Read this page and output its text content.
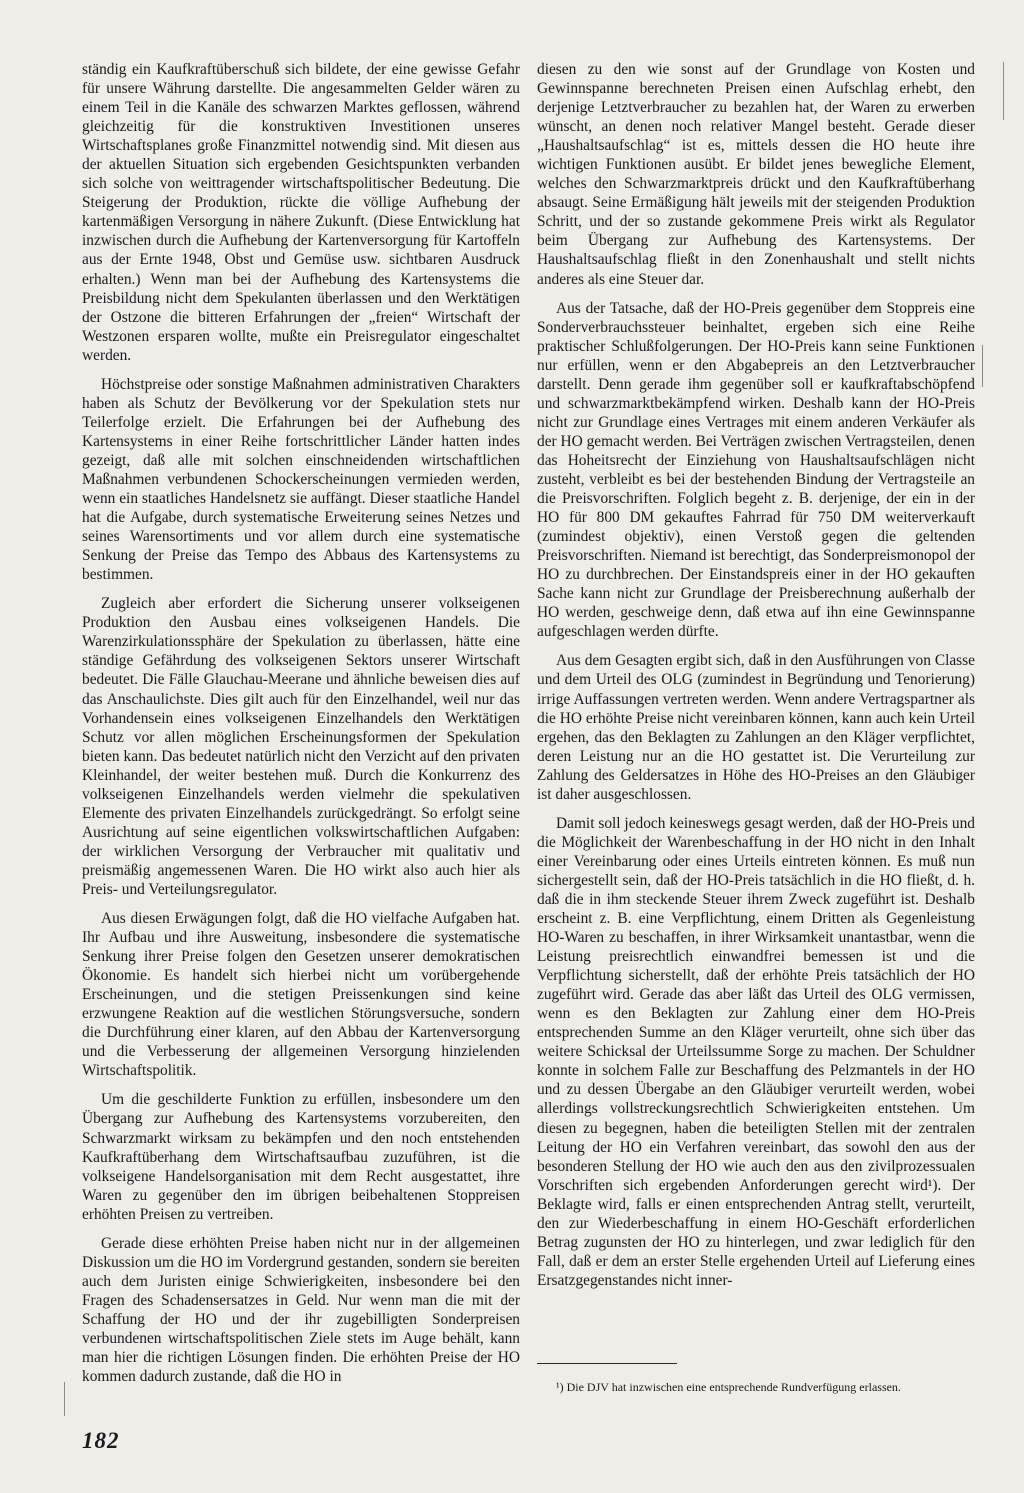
ständig ein Kaufkraftüberschuß sich bildete, der eine gewisse Gefahr für unsere Währung darstellte. Die angesammelten Gelder wären zu einem Teil in die Kanäle des schwarzen Marktes geflossen, während gleichzeitig für die konstruktiven Investitionen unseres Wirtschaftsplanes große Finanzmittel notwendig sind. Mit diesen aus der aktuellen Situation sich ergebenden Gesichtspunkten verbanden sich solche von weittragender wirtschaftspolitischer Bedeutung. Die Steigerung der Produktion, rückte die völlige Aufhebung der kartenmäßigen Versorgung in nähere Zukunft. (Diese Entwicklung hat inzwischen durch die Aufhebung der Kartenversorgung für Kartoffeln aus der Ernte 1948, Obst und Gemüse usw. sichtbaren Ausdruck erhalten.) Wenn man bei der Aufhebung des Kartensystems die Preisbildung nicht dem Spekulanten überlassen und den Werktätigen der Ostzone die bitteren Erfahrungen der „freien“ Wirtschaft der Westzonen ersparen wollte, mußte ein Preisregulator eingeschaltet werden.

Höchstpreise oder sonstige Maßnahmen administrativen Charakters haben als Schutz der Bevölkerung vor der Spekulation stets nur Teilerfolge erzielt. Die Erfahrungen bei der Aufhebung des Kartensystems in einer Reihe fortschrittlicher Länder hatten indes gezeigt, daß alle mit solchen einschneidenden wirtschaftlichen Maßnahmen verbundenen Schockerscheinungen vermieden werden, wenn ein staatliches Handelsnetz sie auffängt. Dieser staatliche Handel hat die Aufgabe, durch systematische Erweiterung seines Netzes und seines Warensortiments und vor allem durch eine systematische Senkung der Preise das Tempo des Abbaus des Kartensystems zu bestimmen.

Zugleich aber erfordert die Sicherung unserer volkseigenen Produktion den Ausbau eines volkseigenen Handels. Die Warenzirkulationssphäre der Spekulation zu überlassen, hätte eine ständige Gefährdung des volkseigenen Sektors unserer Wirtschaft bedeutet. Die Fälle Glauchau-Meerane und ähnliche beweisen dies auf das Anschaulichste. Dies gilt auch für den Einzelhandel, weil nur das Vorhandensein eines volkseigenen Einzelhandels den Werktätigen Schutz vor allen möglichen Erscheinungsformen der Spekulation bieten kann. Das bedeutet natürlich nicht den Verzicht auf den privaten Kleinhandel, der weiter bestehen muß. Durch die Konkurrenz des volkseigenen Einzelhandels werden vielmehr die spekulativen Elemente des privaten Einzelhandels zurückgedrängt. So erfolgt seine Ausrichtung auf seine eigentlichen volkswirtschaftlichen Aufgaben: der wirklichen Versorgung der Verbraucher mit qualitativ und preismäßig angemessenen Waren. Die HO wirkt also auch hier als Preis- und Verteilungsregulator.

Aus diesen Erwägungen folgt, daß die HO vielfache Aufgaben hat. Ihr Aufbau und ihre Ausweitung, insbesondere die systematische Senkung ihrer Preise folgen den Gesetzen unserer demokratischen Ökonomie. Es handelt sich hierbei nicht um vorübergehende Erscheinungen, und die stetigen Preissenkungen sind keine erzwungene Reaktion auf die westlichen Störungsversuche, sondern die Durchführung einer klaren, auf den Abbau der Kartenversorgung und die Verbesserung der allgemeinen Versorgung hinzielenden Wirtschaftspolitik.

Um die geschilderte Funktion zu erfüllen, insbesondere um den Übergang zur Aufhebung des Kartensystems vorzubereiten, den Schwarzmarkt wirksam zu bekämpfen und den noch entstehenden Kaufkraftüberhang dem Wirtschaftsaufbau zuzuführen, ist die volkseigene Handelsorganisation mit dem Recht ausgestattet, ihre Waren zu gegenüber den im übrigen beibehaltenen Stoppreisen erhöhten Preisen zu vertreiben.

Gerade diese erhöhten Preise haben nicht nur in der allgemeinen Diskussion um die HO im Vordergrund gestanden, sondern sie bereiten auch dem Juristen einige Schwierigkeiten, insbesondere bei den Fragen des Schadensersatzes in Geld. Nur wenn man die mit der Schaffung der HO und der ihr zugebilligten Sonderpreisen verbundenen wirtschaftspolitischen Ziele stets im Auge behält, kann man hier die richtigen Lösungen finden. Die erhöhten Preise der HO kommen dadurch zustande, daß die HO in

diesen zu den wie sonst auf der Grundlage von Kosten und Gewinnspanne berechneten Preisen einen Aufschlag erhebt, den derjenige Letztverbraucher zu bezahlen hat, der Waren zu erwerben wünscht, an denen noch relativer Mangel besteht. Gerade dieser „Haushaltsaufschlag“ ist es, mittels dessen die HO heute ihre wichtigen Funktionen ausübt. Er bildet jenes bewegliche Element, welches den Schwarzmarktpreis drückt und den Kaufkraftüberhang absaugt. Seine Ermäßigung hält jeweils mit der steigenden Produktion Schritt, und der so zustande gekommene Preis wirkt als Regulator beim Übergang zur Aufhebung des Kartensystems. Der Haushaltsaufschlag fließt in den Zonenhaushalt und stellt nichts anderes als eine Steuer dar.

Aus der Tatsache, daß der HO-Preis gegenüber dem Stoppreis eine Sonderverbrauchssteuer beinhaltet, ergeben sich eine Reihe praktischer Schlußfolgerungen. Der HO-Preis kann seine Funktionen nur erfüllen, wenn er den Abgabepreis an den Letztverbraucher darstellt. Denn gerade ihm gegenüber soll er kaufkraftabschöpfend und schwarzmarktbekämpfend wirken. Deshalb kann der HO-Preis nicht zur Grundlage eines Vertrages mit einem anderen Verkäufer als der HO gemacht werden. Bei Verträgen zwischen Vertragsteilen, denen das Hoheitsrecht der Einziehung von Haushaltsaufschlägen nicht zusteht, verbleibt es bei der bestehenden Bindung der Vertragsteile an die Preisvorschriften. Folglich begeht z. B. derjenige, der ein in der HO für 800 DM gekauftes Fahrrad für 750 DM weiterverkauft (zumindest objektiv), einen Verstoß gegen die geltenden Preisvorschriften. Niemand ist berechtigt, das Sonderpreismonopol der HO zu durchbrechen. Der Einstandspreis einer in der HO gekauften Sache kann nicht zur Grundlage der Preisberechnung außerhalb der HO werden, geschweige denn, daß etwa auf ihn eine Gewinnspanne aufgeschlagen werden dürfte.

Aus dem Gesagten ergibt sich, daß in den Ausführungen von Classe und dem Urteil des OLG (zumindest in Begründung und Tenorierung) irrige Auffassungen vertreten werden. Wenn andere Vertragspartner als die HO erhöhte Preise nicht vereinbaren können, kann auch kein Urteil ergehen, das den Beklagten zu Zahlungen an den Kläger verpflichtet, deren Leistung nur an die HO gestattet ist. Die Verurteilung zur Zahlung des Geldersatzes in Höhe des HO-Preises an den Gläubiger ist daher ausgeschlossen.

Damit soll jedoch keineswegs gesagt werden, daß der HO-Preis und die Möglichkeit der Warenbeschaffung in der HO nicht in den Inhalt einer Vereinbarung oder eines Urteils eintreten können. Es muß nun sichergestellt sein, daß der HO-Preis tatsächlich in die HO fließt, d. h. daß die in ihm steckende Steuer ihrem Zweck zugeführt ist. Deshalb erscheint z. B. eine Verpflichtung, einem Dritten als Gegenleistung HO-Waren zu beschaffen, in ihrer Wirksamkeit unantastbar, wenn die Leistung preisrechtlich einwandfrei bemessen ist und die Verpflichtung sicherstellt, daß der erhöhte Preis tatsächlich der HO zugeführt wird. Gerade das aber läßt das Urteil des OLG vermissen, wenn es den Beklagten zur Zahlung einer dem HO-Preis entsprechenden Summe an den Kläger verurteilt, ohne sich über das weitere Schicksal der Urteilssumme Sorge zu machen. Der Schuldner konnte in solchem Falle zur Beschaffung des Pelzmantels in der HO und zu dessen Übergabe an den Gläubiger verurteilt werden, wobei allerdings vollstreckungsrechtlich Schwierigkeiten entstehen. Um diesen zu begegnen, haben die beteiligten Stellen mit der zentralen Leitung der HO ein Verfahren vereinbart, das sowohl den aus der besonderen Stellung der HO wie auch den aus den zivilprozessualen Vorschriften sich ergebenden Anforderungen gerecht wird¹). Der Beklagte wird, falls er einen entsprechenden Antrag stellt, verurteilt, den zur Wiederbeschaffung in einem HO-Geschäft erforderlichen Betrag zugunsten der HO zu hinterlegen, und zwar lediglich für den Fall, daß er dem an erster Stelle ergehenden Urteil auf Lieferung eines Ersatzgegenstandes nicht inner-

¹) Die DJV hat inzwischen eine entsprechende Rundverfügung erlassen.
182
